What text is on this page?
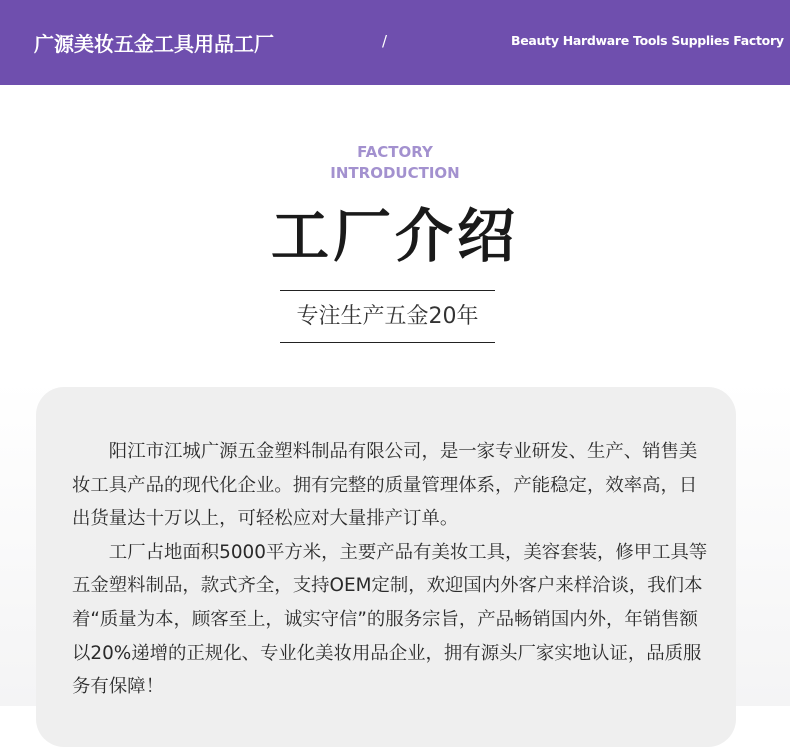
广源美妆五金工具用品工厂	/	Beauty Hardware Tools Supplies Factory
FACTORY
INTRODUCTION
工厂介绍
专注生产五金20年

阳江市江城广源五金塑料制品有限公司，是一家专业研发、生产、销售美妆工具产品的现代化企业。拥有完整的质量管理体系，产能稳定，效率高，日出货量达十万以上，可轻松应对大量排产订单。

工厂占地面积5000平方米，主要产品有美妆工具，美容套装，修甲工具等五金塑料制品，款式齐全，支持OEM定制，欢迎国内外客户来样洽谈，我们本着“质量为本，顾客至上，诚实守信”的服务宗旨，产品畅销国内外，年销售额以20%递增的正规化、专业化美妆用品企业，拥有源头厂家实地认证，品质服务有保障！
